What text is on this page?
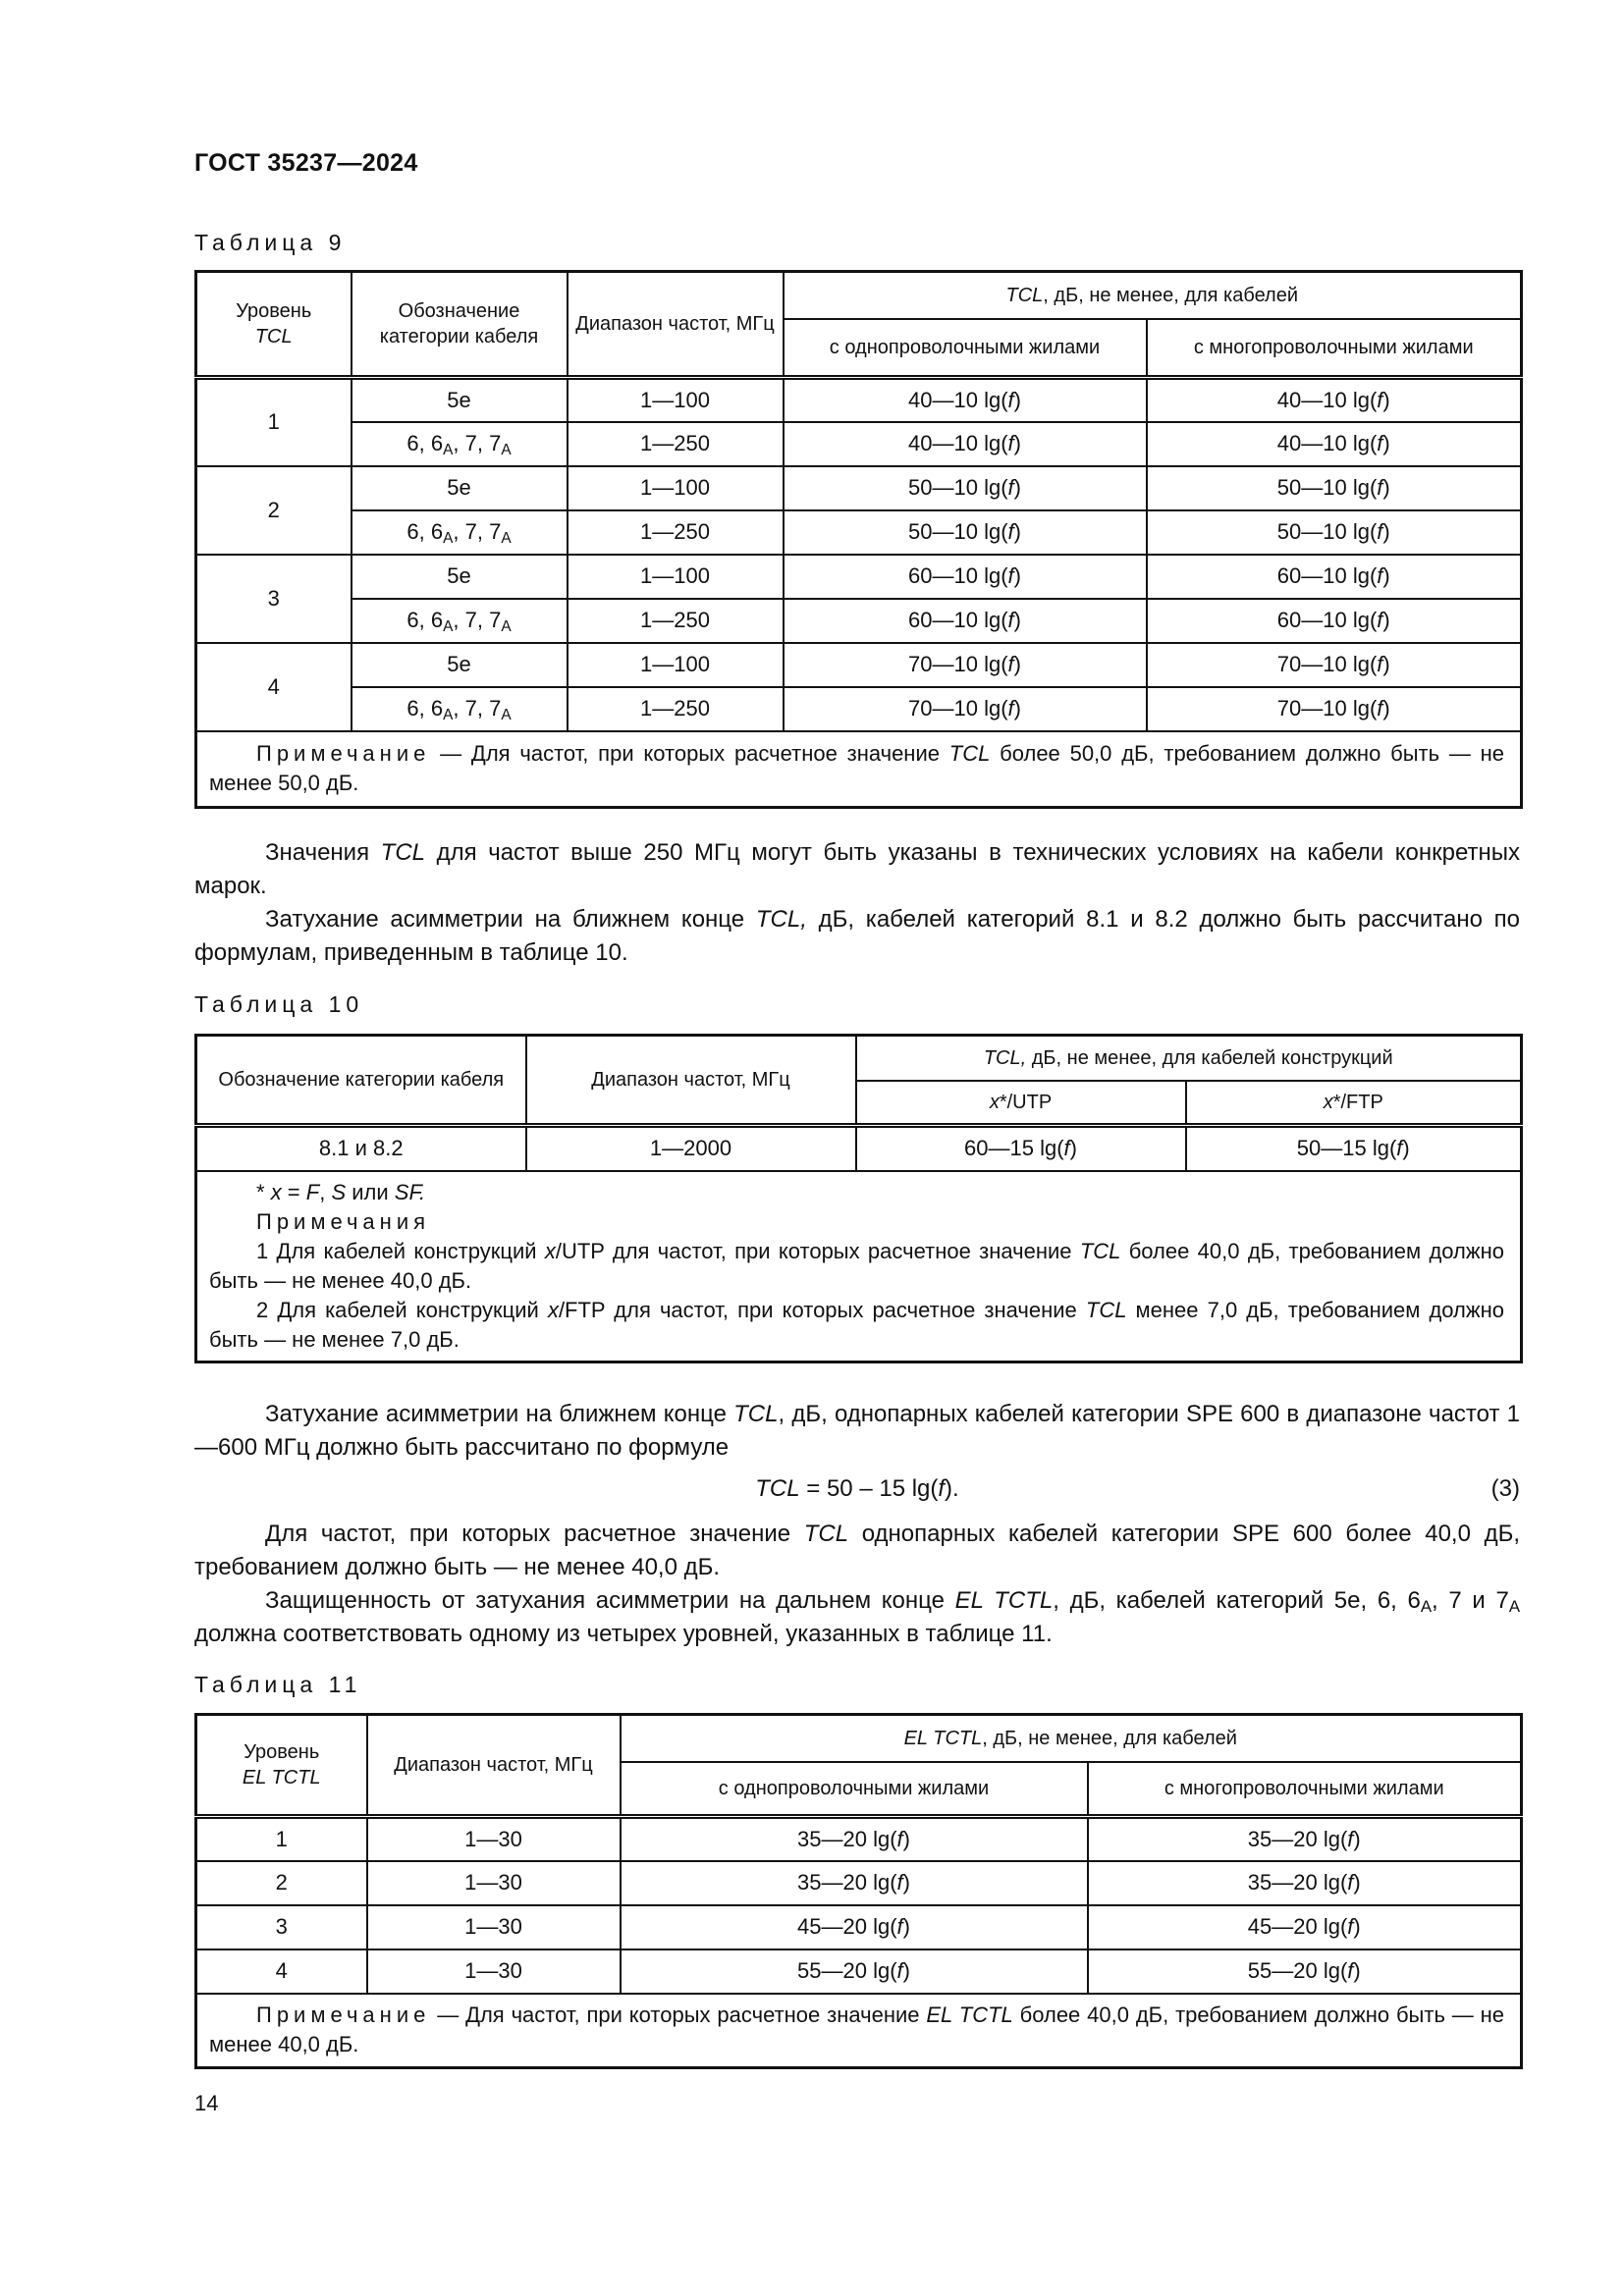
ГОСТ 35237—2024
Таблица 9
Уровень
TCL	Обозначение категории кабеля	Диапазон частот, МГц	TCL, дБ, не менее, для кабелей	
			с однопроволочными жилами	с многопроволочными жилами
1	5e	1—100	40—10 lg(f)	40—10 lg(f)
	6, $6_A$, 7, $7_A$	1—250	40—10 lg(f)	40—10 lg(f)
2	5e	1—100	50—10 lg(f)	50—10 lg(f)
	6, $6_A$, 7, $7_A$	1—250	50—10 lg(f)	50—10 lg(f)
3	5e	1—100	60—10 lg(f)	60—10 lg(f)
	6, $6_A$, 7, $7_A$	1—250	60—10 lg(f)	60—10 lg(f)
4	5e	1—100	70—10 lg(f)	70—10 lg(f)
	6, $6_A$, 7, $7_A$	1—250	70—10 lg(f)	70—10 lg(f)
Примечание — Для частот, при которых расчетное значение TCL более 50,0 дБ, требованием должно быть — не менее 50,0 дБ.				
Значения TCL для частот выше 250 МГц могут быть указаны в технических условиях на кабели конкретных марок.
Затухание асимметрии на ближнем конце TCL, дБ, кабелей категорий 8.1 и 8.2 должно быть рассчитано по формулам, приведенным в таблице 10.
Таблица 10
Обозначение категории кабеля	Диапазон частот, МГц	TCL, дБ, не менее, для кабелей конструкций	
		x*/UTP	x*/FTP
8.1 и 8.2	1—2000	60—15 lg(f)	50—15 lg(f)

* x = F, S или SF.
Примечания
1 Для кабелей конструкций x/UTP для частот, при которых расчетное значение TCL более 40,0 дБ, требованием должно быть — не менее 40,0 дБ.
2 Для кабелей конструкций x/FTP для частот, при которых расчетное значение TCL менее 7,0 дБ, требованием должно быть — не менее 7,0 дБ.			
Затухание асимметрии на ближнем конце TCL, дБ, однопарных кабелей категории SPE 600 в диапазоне частот 1—600 МГц должно быть рассчитано по формуле
TCL = 50 – 15 lg(f).	(3)
Для частот, при которых расчетное значение TCL однопарных кабелей категории SPE 600 более 40,0 дБ, требованием должно быть — не менее 40,0 дБ.
Защищенность от затухания асимметрии на дальнем конце EL TCTL, дБ, кабелей категорий 5е, 6, $6_A$, 7 и $7_A$ должна соответствовать одному из четырех уровней, указанных в таблице 11.
Таблица 11
Уровень
EL TCTL	Диапазон частот, МГц	EL TCTL, дБ, не менее, для кабелей	
		с однопроволочными жилами	с многопроволочными жилами
1	1—30	35—20 lg(f)	35—20 lg(f)
2	1—30	35—20 lg(f)	35—20 lg(f)
3	1—30	45—20 lg(f)	45—20 lg(f)
4	1—30	55—20 lg(f)	55—20 lg(f)
Примечание — Для частот, при которых расчетное значение EL TCTL более 40,0 дБ, требованием должно быть — не менее 40,0 дБ.			
14
